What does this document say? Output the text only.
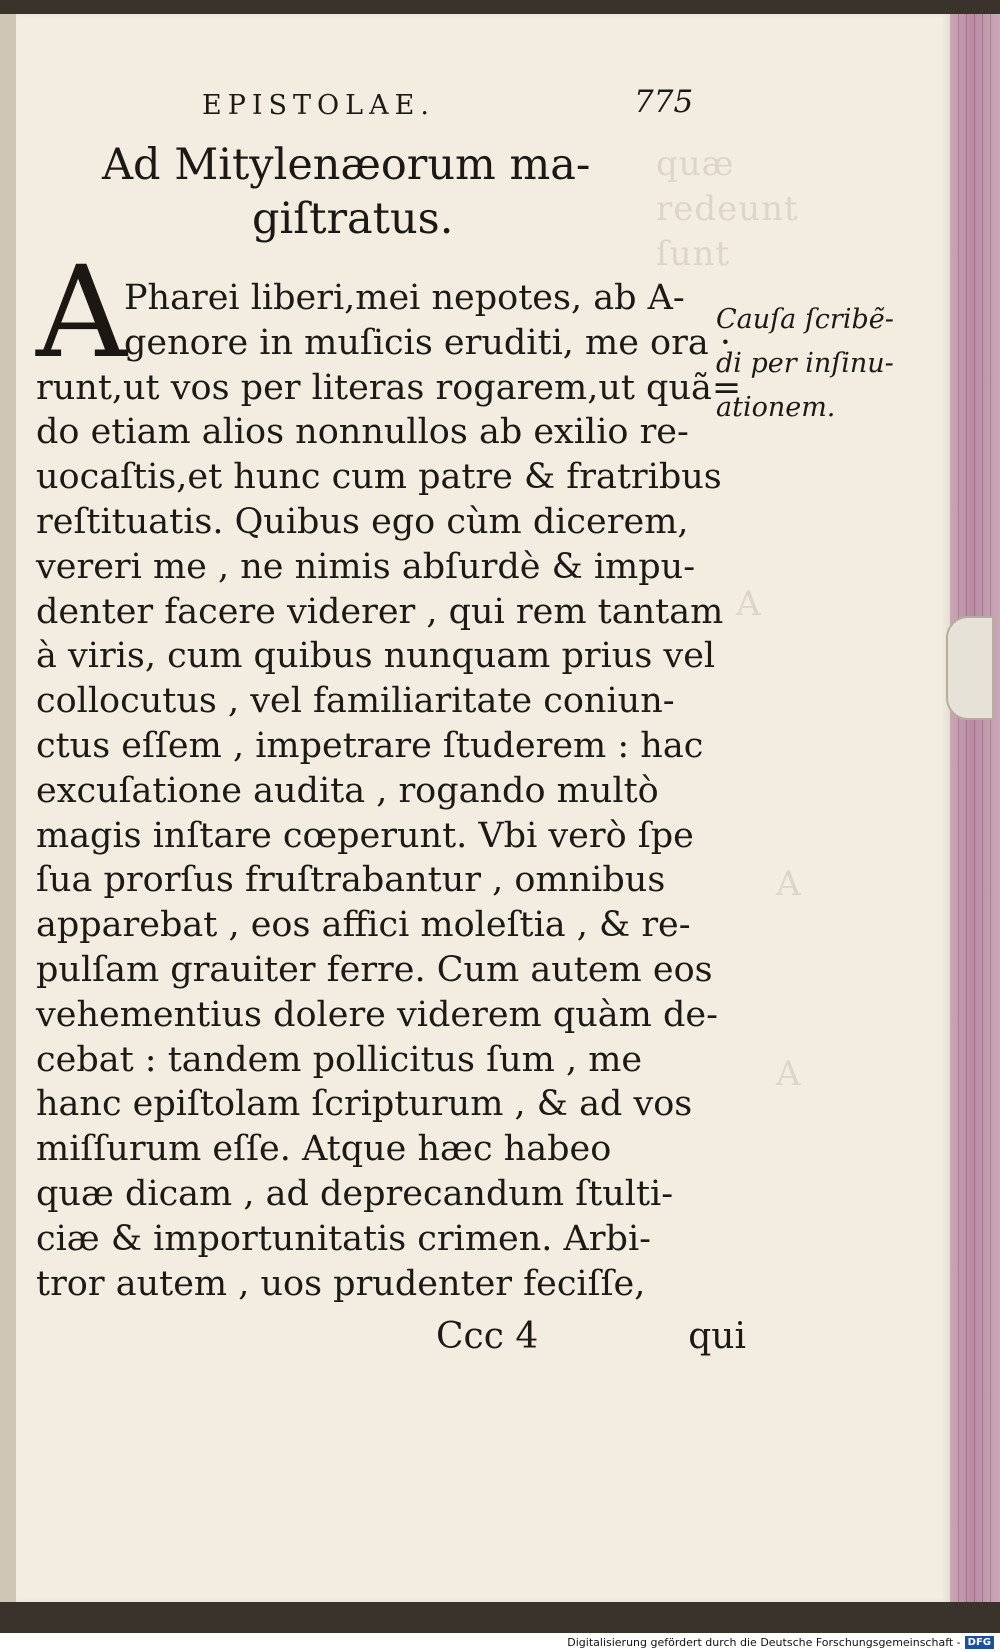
quæ
redeunt
ſunt
A
A
A
EPISTOLAE.	775
Ad Mitylenæorum ma-
giſtratus.
A
Pharei liberi,mei nepotes, ab A-
genore in muſicis eruditi, me ora ·
runt,ut vos per literas rogarem,ut quã=
do etiam alios nonnullos ab exilio re-
uocaſtis,et hunc cum patre & fratribus
reſtituatis. Quibus ego cùm dicerem,
vereri me , ne nimis abſurdè & impu-
denter facere viderer , qui rem tantam
à viris, cum quibus nunquam prius vel
collocutus , vel familiaritate coniun-
ctus eſſem , impetrare ſtuderem : hac
excuſatione audita , rogando multò
magis inſtare cœperunt. Vbi verò ſpe
ſua prorſus fruſtrabantur , omnibus
apparebat , eos affici moleſtia , & re-
pulſam grauiter ferre. Cum autem eos
vehementius dolere viderem quàm de-
cebat : tandem pollicitus ſum , me
hanc epiſtolam ſcripturum , & ad vos
miſſurum eſſe. Atque hæc habeo
quæ dicam , ad deprecandum ſtulti-
ciæ & importunitatis crimen. Arbi-
tror autem , uos prudenter feciſſe,
Ccc 4	qui
Cauſa ſcribẽ-
di per inſinu-
ationem.
Digitalisierung gefördert durch die Deutsche Forschungsgemeinschaft - DFG
